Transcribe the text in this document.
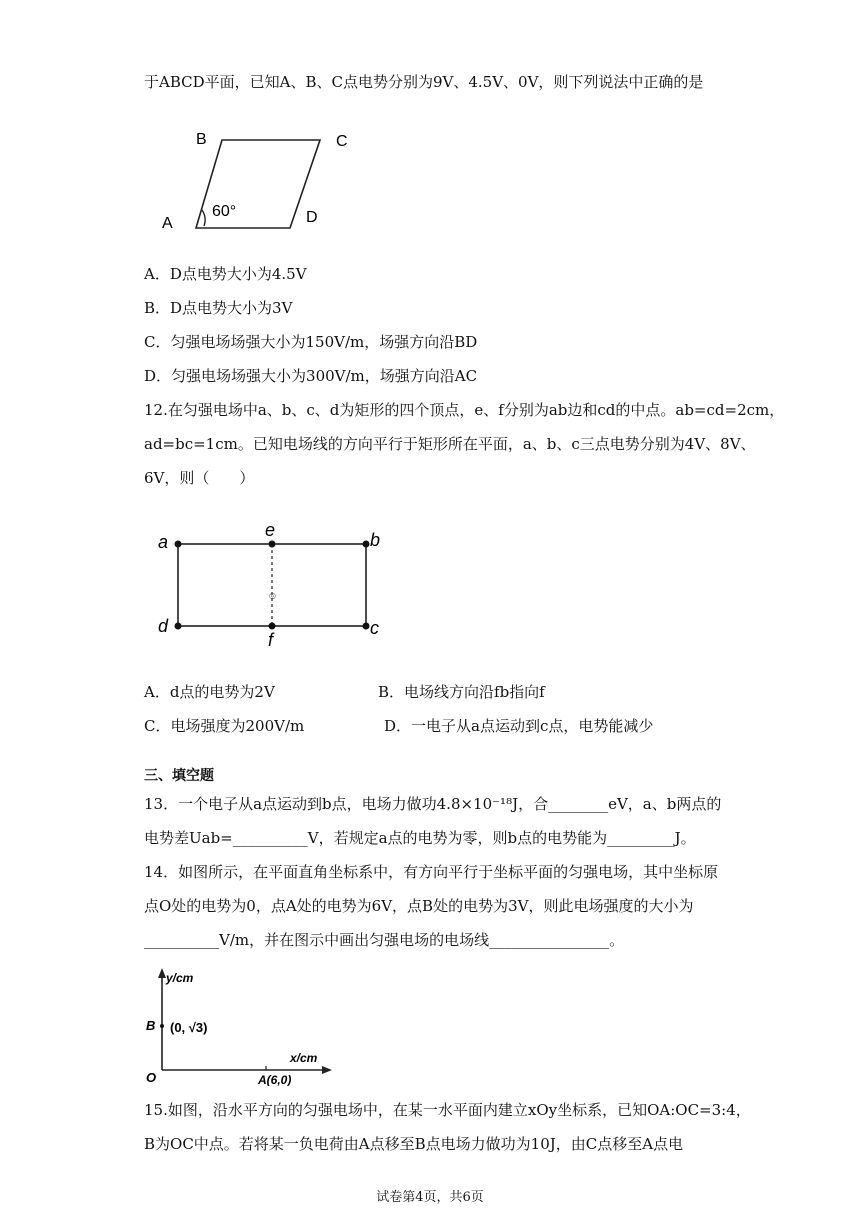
于ABCD平面，已知A、B、C点电势分别为9V、4.5V、0V，则下列说法中正确的是
B	C
A	D
60°
A．D点电势大小为4.5V
B．D点电势大小为3V
C．匀强电场场强大小为150V/m，场强方向沿BD
D．匀强电场场强大小为300V/m，场强方向沿AC
12.在匀强电场中a、b、c、d为矩形的四个顶点，e、f分别为ab边和cd的中点。ab=cd=2cm，
ad=bc=1cm。已知电场线的方向平行于矩形所在平面，a、b、c三点电势分别为4V、8V、
6V，则（　　）
◎
a
e	b
d
f
c
A．d点的电势为2V	B．电场线方向沿fb指向f
C．电场强度为200V/m	D．一电子从a点运动到c点，电势能减少
三、填空题
13．一个电子从a点运动到b点，电场力做功4.8×10⁻¹⁸J，合________eV，a、b两点的
电势差Uab=__________V，若规定a点的电势为零，则b点的电势能为_________J。
14．如图所示，在平面直角坐标系中，有方向平行于坐标平面的匀强电场，其中坐标原
点O处的电势为0，点A处的电势为6V，点B处的电势为3V，则此电场强度的大小为
__________V/m，并在图示中画出匀强电场的电场线________________。
y/cm
x/cm
O
B (0, √3)
A(6,0)
15.如图，沿水平方向的匀强电场中，在某一水平面内建立xOy坐标系，已知OA:OC=3:4，
B为OC中点。若将某一负电荷由A点移至B点电场力做功为10J，由C点移至A点电
试卷第4页，共6页
